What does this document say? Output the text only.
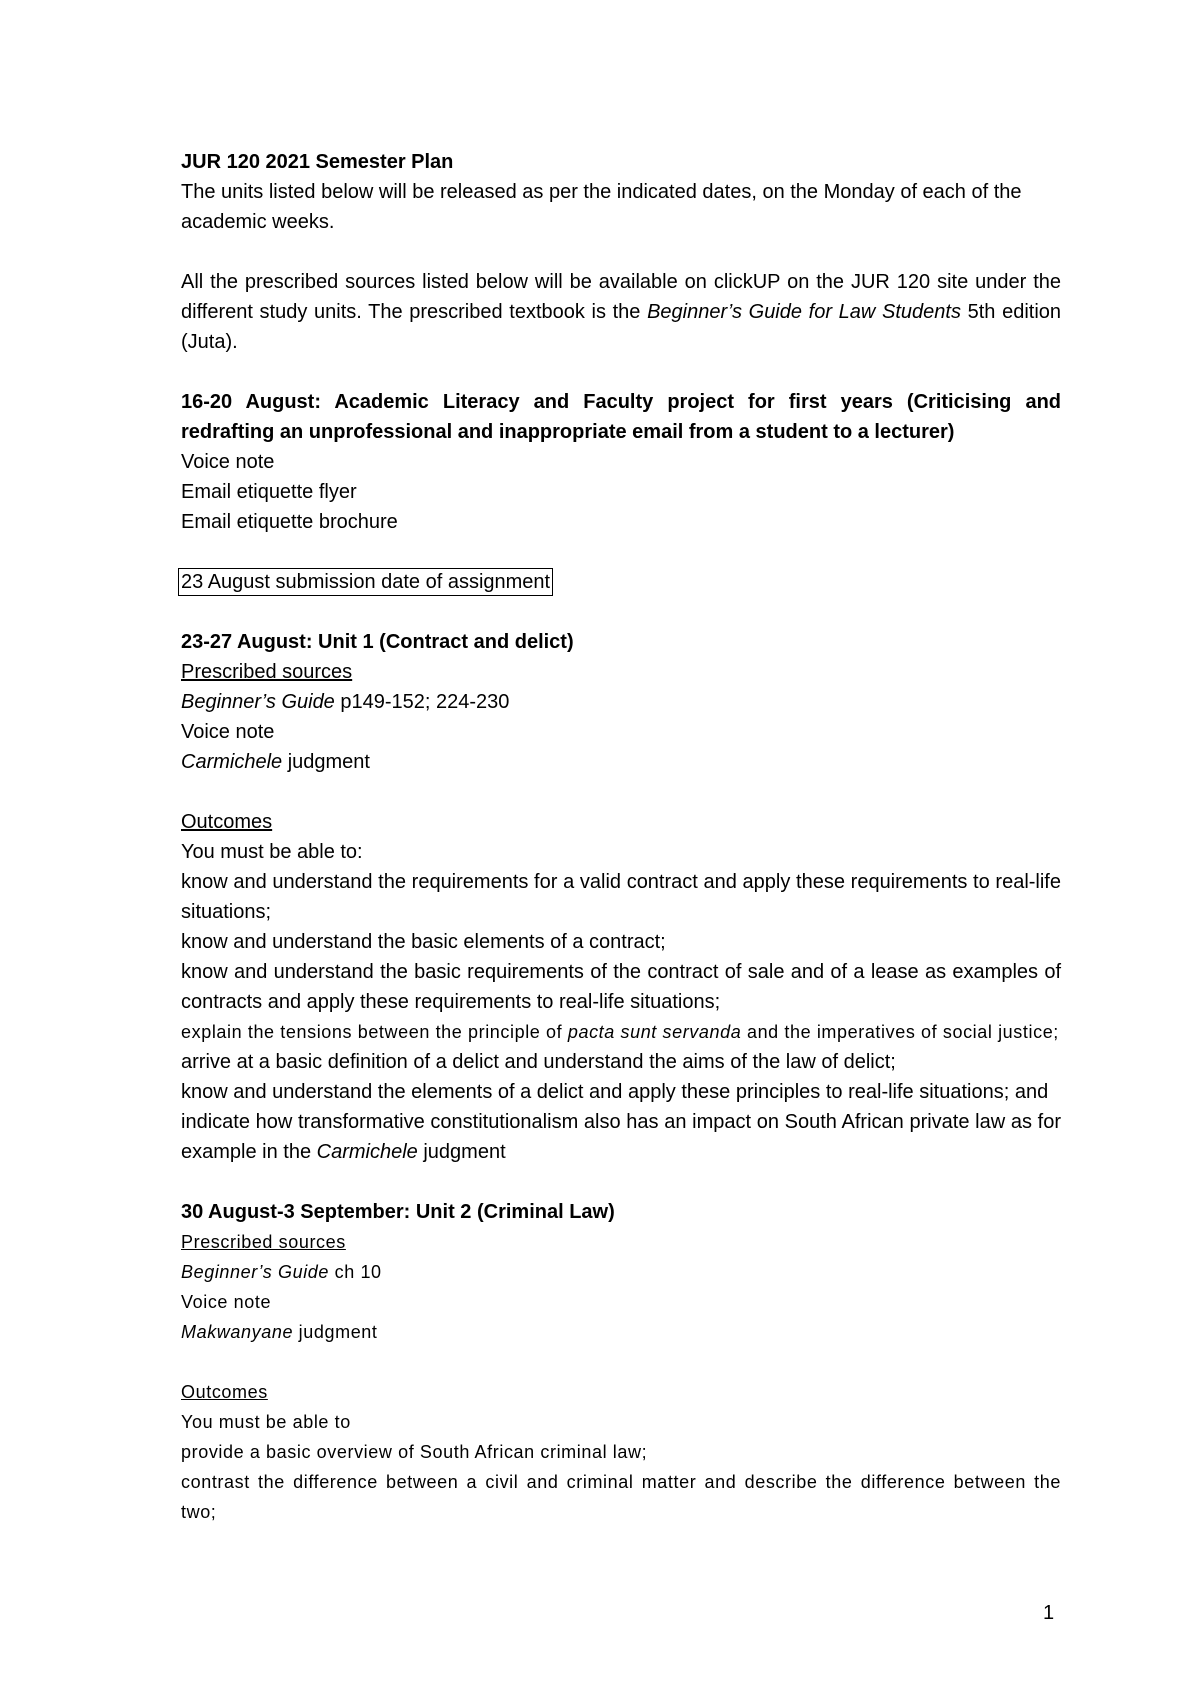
JUR 120 2021 Semester Plan

The units listed below will be released as per the indicated dates, on the Monday of each of the academic weeks.

All the prescribed sources listed below will be available on clickUP on the JUR 120 site under the different study units. The prescribed textbook is the Beginner’s Guide for Law Students 5th edition (Juta).

16-20 August: Academic Literacy and Faculty project for first years (Criticising and redrafting an unprofessional and inappropriate email from a student to a lecturer)

Voice note

Email etiquette flyer

Email etiquette brochure

23 August submission date of assignment

23-27 August: Unit 1 (Contract and delict)

Prescribed sources

Beginner’s Guide p149-152; 224-230

Voice note

Carmichele judgment

Outcomes

You must be able to:

know and understand the requirements for a valid contract and apply these requirements to real-life situations;

know and understand the basic elements of a contract;

know and understand the basic requirements of the contract of sale and of a lease as examples of contracts and apply these requirements to real-life situations;

explain the tensions between the principle of pacta sunt servanda and the imperatives of social justice;

arrive at a basic definition of a delict and understand the aims of the law of delict;

know and understand the elements of a delict and apply these principles to real-life situations; and

indicate how transformative constitutionalism also has an impact on South African private law as for example in the Carmichele judgment

30 August-3 September: Unit 2 (Criminal Law)

Prescribed sources

Beginner’s Guide ch 10

Voice note

Makwanyane judgment

Outcomes

You must be able to

provide a basic overview of South African criminal law;

contrast the difference between a civil and criminal matter and describe the difference between the two;

1
